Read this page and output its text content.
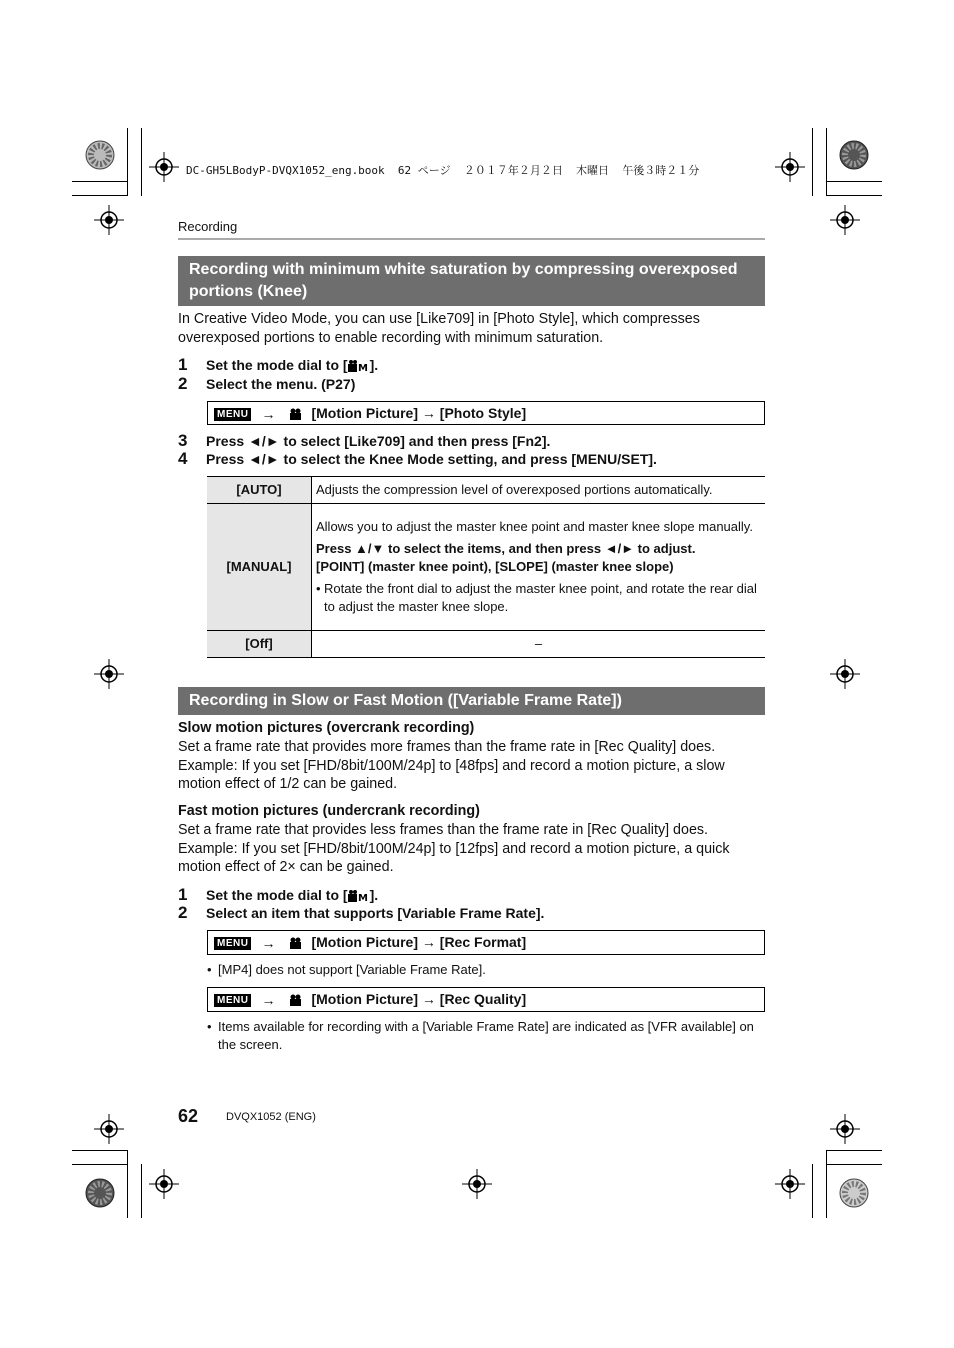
DC-GH5LBodyP-DVQX1052_eng.book  62 ページ  ２０１７年２月２日  木曜日  午後３時２１分
Recording
Recording with minimum white saturation by compressing overexposed portions (Knee)
In Creative Video Mode, you can use [Like709] in [Photo Style], which compresses overexposed portions to enable recording with minimum saturation.
1 Set the mode dial to [ M ].
2 Select the menu. (P27)
MENU →	[Motion Picture] → [Photo Style]
3 Press ◄/► to select [Like709] and then press [Fn2].
4 Press ◄/► to select the Knee Mode setting, and press [MENU/SET].
[AUTO]	Adjusts the compression level of overexposed portions automatically.
[MANUAL]	Allows you to adjust the master knee point and master knee slope manually.
Press ▲/▼ to select the items, and then press ◄/► to adjust.
[POINT] (master knee point), [SLOPE] (master knee slope)
• Rotate the front dial to adjust the master knee point, and rotate the rear dial to adjust the master knee slope.

[Off]	–
Recording in Slow or Fast Motion ([Variable Frame Rate])
Slow motion pictures (overcrank recording)
Set a frame rate that provides more frames than the frame rate in [Rec Quality] does. Example: If you set [FHD/8bit/100M/24p] to [48fps] and record a motion picture, a slow motion effect of 1/2 can be gained.
Fast motion pictures (undercrank recording)
Set a frame rate that provides less frames than the frame rate in [Rec Quality] does. Example: If you set [FHD/8bit/100M/24p] to [12fps] and record a motion picture, a quick motion effect of 2× can be gained.
1 Set the mode dial to [ M ].
2 Select an item that supports [Variable Frame Rate].
MENU →	[Motion Picture] → [Rec Format]
• [MP4] does not support [Variable Frame Rate].
MENU →	[Motion Picture] → [Rec Quality]
• Items available for recording with a [Variable Frame Rate] are indicated as [VFR available] on the screen.
62	DVQX1052 (ENG)
